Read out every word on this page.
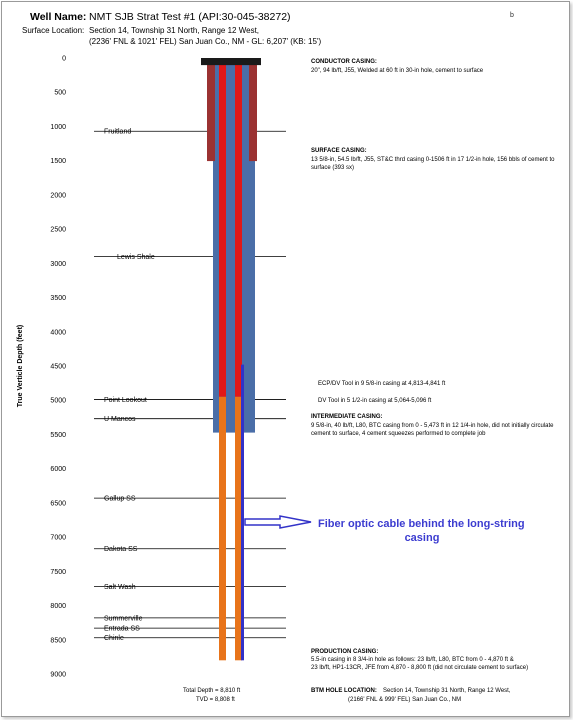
Well Name: NMT SJB Strat Test #1 (API:30-045-38272)
Surface Location: Section 14, Township 31 North, Range 12 West,
(2236' FNL & 1021' FEL) San Juan Co., NM - GL: 6,207' (KB: 15')
b
0
500
1000
1500
2000
2500
3000
3500
4000
4500
5000
5500
6000
6500
7000
7500
8000
8500
9000
Fruitland
Lewis Shale
Point Lookout
U Mancos
Gallup SS
Dakota SS
Salt Wash
Summerville
Entrada SS
Chinle
True Verticle Depth (feet)
CONDUCTOR CASING:
20", 94 lb/ft, J55, Welded at 60 ft in 30-in hole, cement to surface
SURFACE CASING:
13 5/8-in, 54.5 lb/ft, J55, ST&C thrd casing 0-1506 ft in 17 1/2-in hole, 156 bbls of cement to
surface (393 sx)
ECP/DV Tool in 9 5/8-in casing at 4,813-4,841 ft
DV Tool in 5 1/2-in casing at 5,064-5,096 ft
INTERMEDIATE CASING:
9 5/8-in, 40 lb/ft, L80, BTC casing from 0 - 5,473 ft in 12 1/4-in hole, did not initially circulate
cement to surface, 4 cement squeezes performed to complete job
Fiber optic cable behind the long-string
casing
PRODUCTION CASING:
5.5-in casing in 8 3/4-in hole as follows: 23 lb/ft, L80, BTC from 0 - 4,870 ft &
23 lb/ft, HP1-13CR, JFE from 4,870 - 8,800 ft (did not circulate cement to surface)
Total Depth = 8,810 ft
TVD = 8,808 ft
BTM HOLE LOCATION: Section 14, Township 31 North, Range 12 West,
(2166' FNL & 999' FEL) San Juan Co., NM
